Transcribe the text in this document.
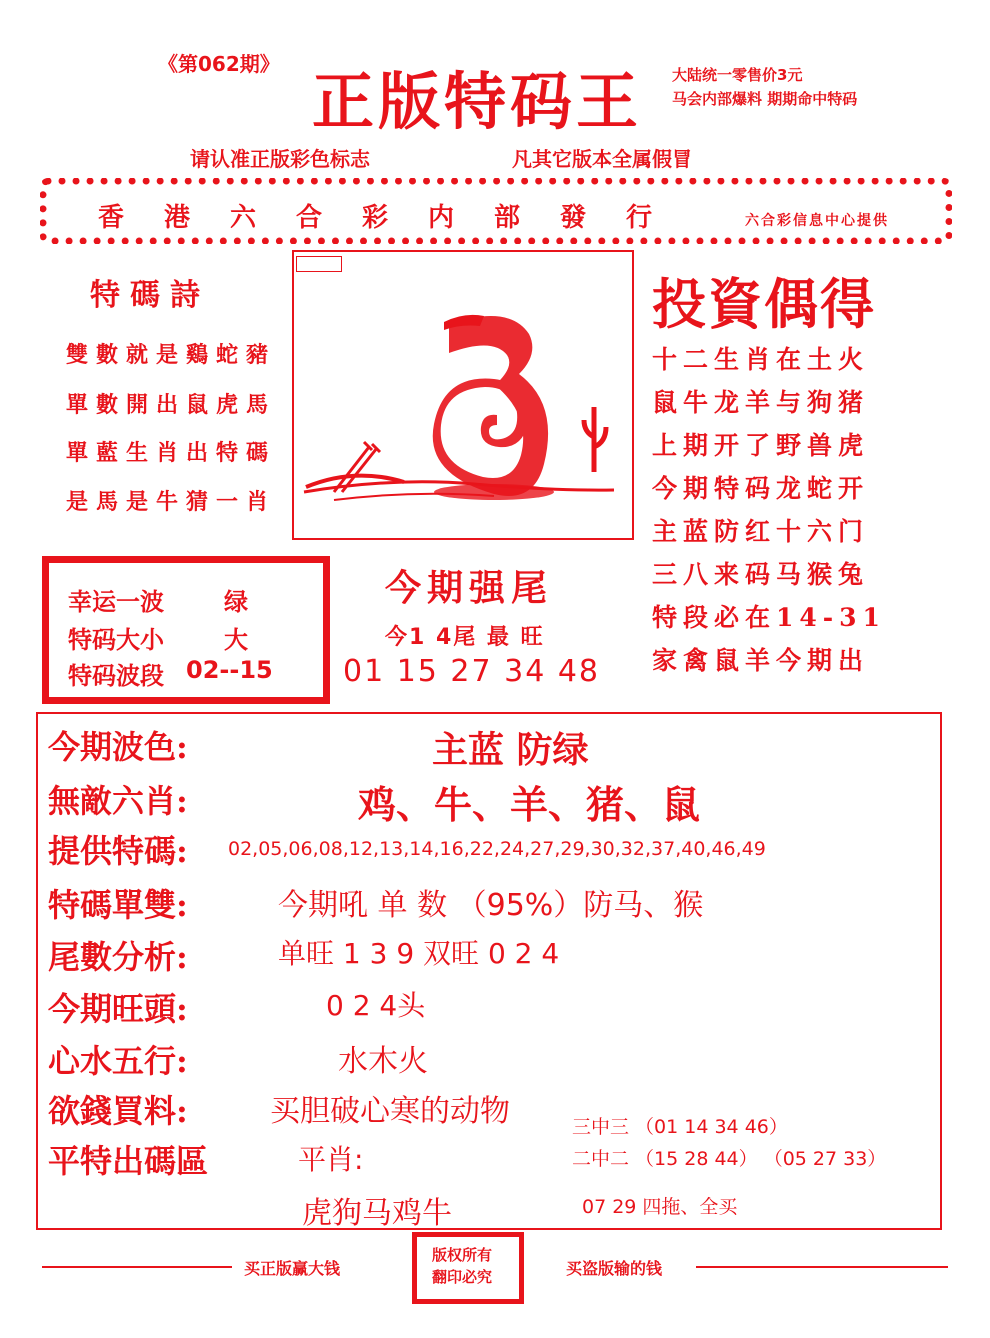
《第062期》
正版特码王 大陆统一零售价3元
马会内部爆料 期期命中特码
请认准正版彩色标志	凡其它版本全属假冒
香港六合彩内部發行	六合彩信息中心提供
特碼詩
雙數就是鷄蛇豬
單數開出鼠虎馬
單藍生肖出特碼
是馬是牛猜一肖
投資偶得
十二生肖在土火
鼠牛龙羊与狗猪
上期开了野兽虎
今期特码龙蛇开
主蓝防红十六门
三八来码马猴兔
特段必在14-31
家禽鼠羊今期出
幸运一波	绿
特码大小	大
特码波段 02--15
今期强尾
今1 4尾 最 旺
01 15 27 34 48
今期波色:	主蓝 防绿
無敵六肖:	鸡、牛、羊、猪、鼠
提供特碼: 02,05,06,08,12,13,14,16,22,24,27,29,30,32,37,40,46,49
特碼單雙:	今期吼 单 数 （95%）防马、猴
尾數分析:	单旺 1 3 9 双旺 0 2 4
今期旺頭:	0 2 4头
心水五行:	水木火
欲錢買料:	买胆破心寒的动物
平特出碼區	平肖:
三中三 （01 14 34 46）
二中二 （15 28 44） （05 27 33）
虎狗马鸡牛	07 29 四拖、全买
买正版赢大钱
版权所有
翻印必究	买盗版输的钱
